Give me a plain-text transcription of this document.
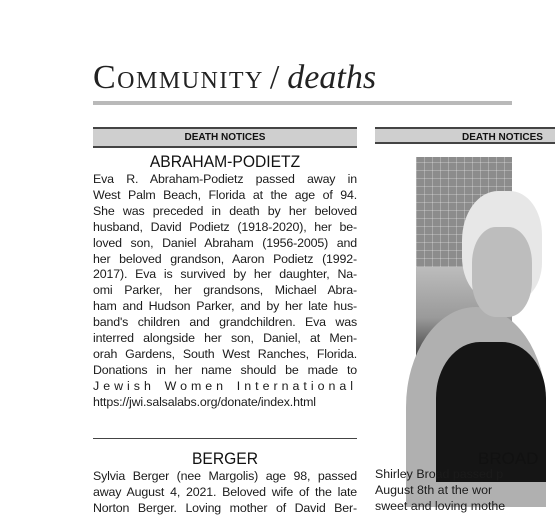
Community / deaths
DEATH NOTICES	DEATH NOTICES
ABRAHAM-PODIETZ

Eva R. Abraham-Podietz passed away in
West Palm Beach, Florida at the age of 94.
She was preceded in death by her beloved
husband, David Podietz (1918-2020), her be-
loved son, Daniel Abraham (1956-2005) and
her beloved grandson, Aaron Podietz (1992-
2017). Eva is survived by her daughter, Na-
omi Parker, her grandsons, Michael Abra-
ham and Hudson Parker, and by her late hus-
band's children and grandchildren. Eva was
interred alongside her son, Daniel, at Men-
orah Gardens, South West Ranches, Florida.
Donations in her name should be made to
Jewish Women International
https://jwi.salsalabs.org/donate/index.html

BERGER

Sylvia Berger (nee Margolis) age 98, passed
away August 4, 2021. Beloved wife of the late
Norton Berger. Loving mother of David Ber-

BROAD
Shirley Broad passed p
August 8th at the wor
sweet and loving mothe
